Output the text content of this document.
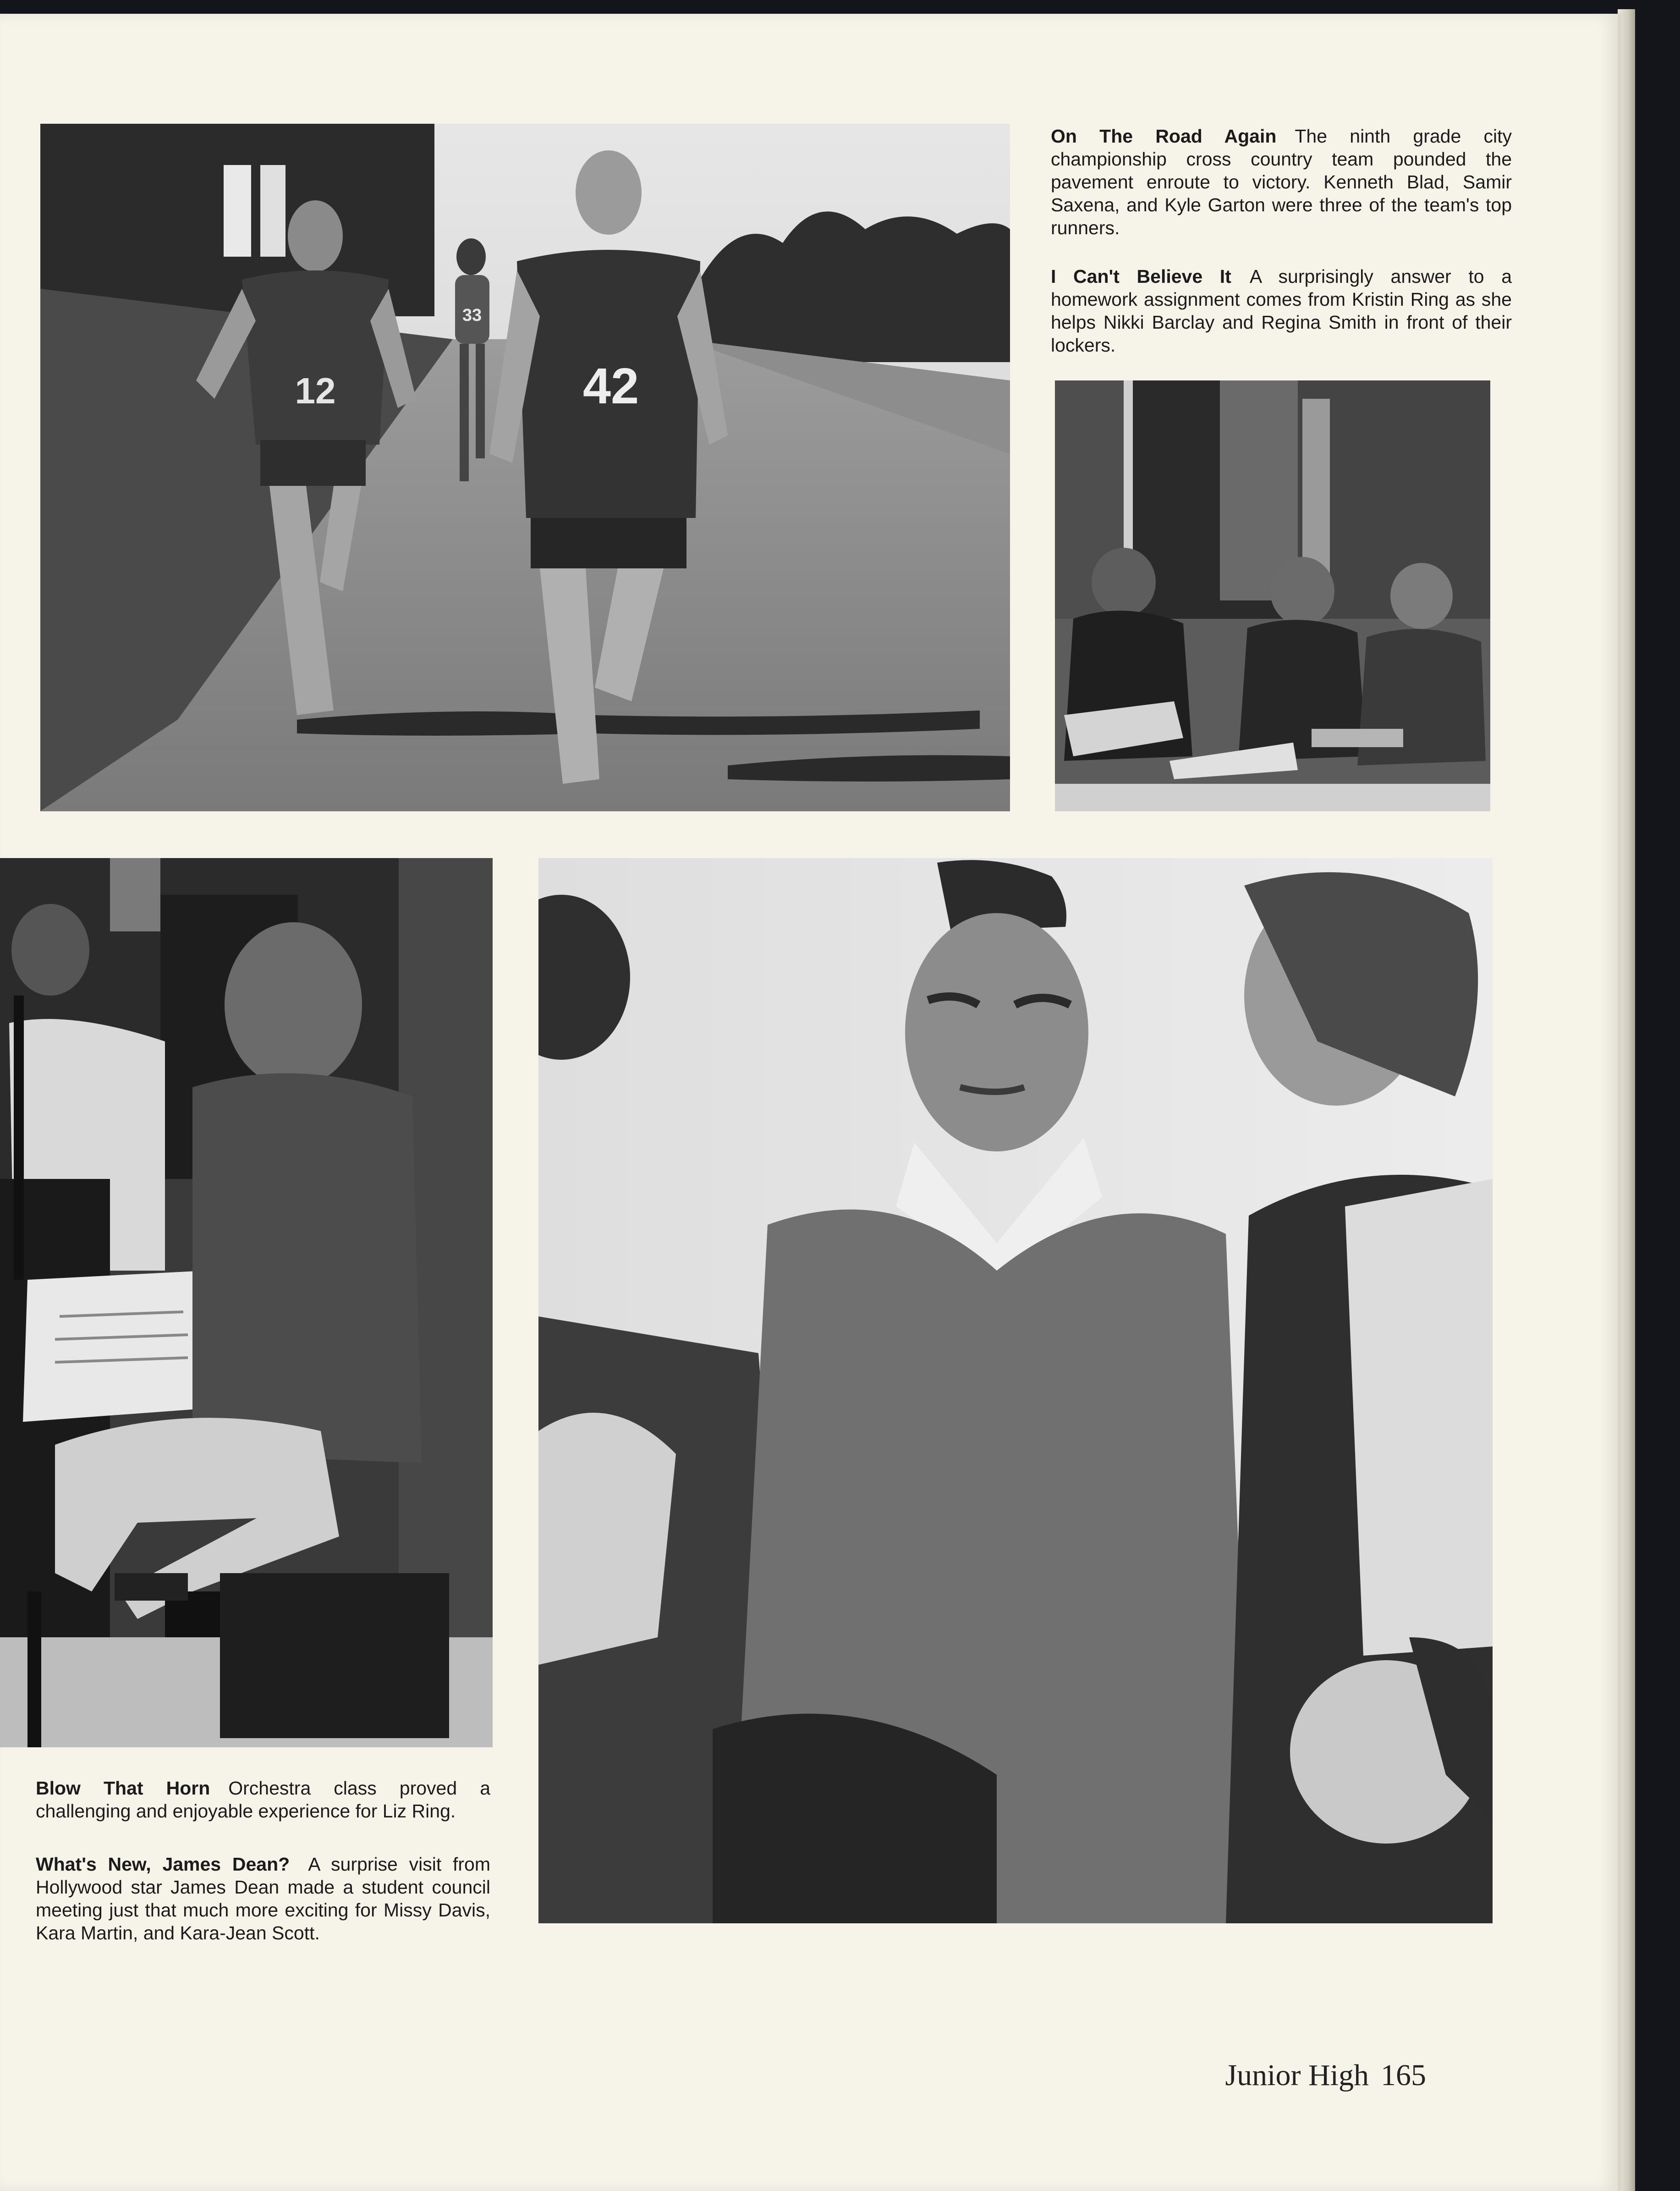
33
12	42

On The Road Again The ninth grade city championship cross country team pounded the pavement enroute to victory. Kenneth Blad, Samir Saxena, and Kyle Garton were three of the team's top runners.

I Can't Believe It A surprisingly answer to a homework assignment comes from Kristin Ring as she helps Nikki Barclay and Regina Smith in front of their lockers.

Blow That Horn Orchestra class proved a challenging and enjoyable experience for Liz Ring.

What's New, James Dean? A surprise visit from Hollywood star James Dean made a student council meeting just that much more exciting for Missy Davis, Kara Martin, and Kara-Jean Scott.

Junior High 165
